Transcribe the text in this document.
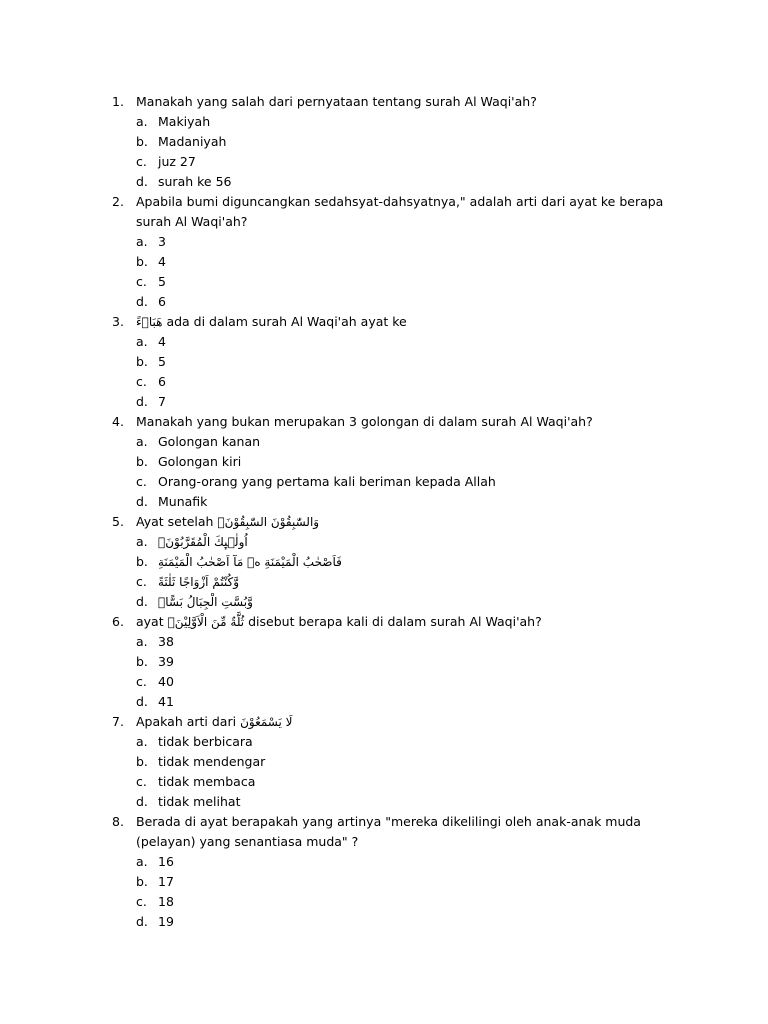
1. Manakah yang salah dari pernyataan tentang surah Al Waqi'ah?
a. Makiyah
b. Madaniyah
c. juz 27
d. surah ke 56
2. Apabila bumi diguncangkan sedahsyat-dahsyatnya," adalah arti dari ayat ke berapa surah Al Waqi'ah?
a. 3
b. 4
c. 5
d. 6
3.	هَبَاۤءً ada di dalam surah Al Waqi'ah ayat ke
a. 4
b. 5
c. 6
d. 7
4. Manakah yang bukan merupakan 3 golongan di dalam surah Al Waqi'ah?
a. Golongan kanan
b. Golongan kiri
c. Orang-orang yang pertama kali beriman kepada Allah
d. Munafik
5. Ayat setelah وَالسّٰبِقُوْنَ السّٰبِقُوْنَۙ
a. اُولٰۤىِٕكَ الْمُقَرَّبُوْنَۚ
b. فَاَصْحٰبُ الْمَيْمَنَةِ ەۙ مَآ اَصْحٰبُ الْمَيْمَنَةِ
c. وَّكُنْتُمْ اَزْوَاجًا ثَلٰثَةً
d. وَّبُسَّتِ الْجِبَالُ بَسًّاۙ
6. ayat ثُلَّةٌ مِّنَ الْاَوَّلِيْنَۙ disebut berapa kali di dalam surah Al Waqi'ah?
a. 38
b. 39
c. 40
d. 41
7. Apakah arti dari لَا يَسْمَعُوْنَ
a. tidak berbicara
b. tidak mendengar
c. tidak membaca
d. tidak melihat
8. Berada di ayat berapakah yang artinya "mereka dikelilingi oleh anak-anak muda (pelayan) yang senantiasa muda" ?
a. 16
b. 17
c. 18
d. 19
